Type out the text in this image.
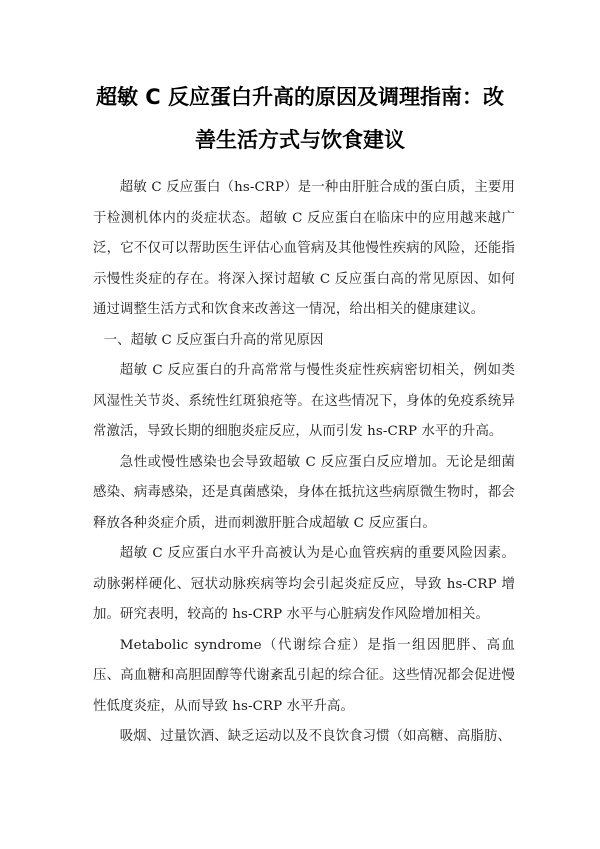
超敏 C 反应蛋白升高的原因及调理指南：改
善生活方式与饮食建议

超敏 C 反应蛋白（hs-CRP）是一种由肝脏合成的蛋白质，主要用于检测机体内的炎症状态。超敏 C 反应蛋白在临床中的应用越来越广泛，它不仅可以帮助医生评估心血管病及其他慢性疾病的风险，还能指示慢性炎症的存在。将深入探讨超敏 C 反应蛋白高的常见原因、如何通过调整生活方式和饮食来改善这一情况，给出相关的健康建议。

一、超敏 C 反应蛋白升高的常见原因

超敏 C 反应蛋白的升高常常与慢性炎症性疾病密切相关，例如类风湿性关节炎、系统性红斑狼疮等。在这些情况下，身体的免疫系统异常激活，导致长期的细胞炎症反应，从而引发 hs-CRP 水平的升高。

急性或慢性感染也会导致超敏 C 反应蛋白反应增加。无论是细菌感染、病毒感染，还是真菌感染，身体在抵抗这些病原微生物时，都会释放各种炎症介质，进而刺激肝脏合成超敏 C 反应蛋白。

超敏 C 反应蛋白水平升高被认为是心血管疾病的重要风险因素。动脉粥样硬化、冠状动脉疾病等均会引起炎症反应，导致 hs-CRP 增加。研究表明，较高的 hs-CRP 水平与心脏病发作风险增加相关。

Metabolic syndrome（代谢综合症）是指一组因肥胖、高血压、高血糖和高胆固醇等代谢紊乱引起的综合征。这些情况都会促进慢性低度炎症，从而导致 hs-CRP 水平升高。

吸烟、过量饮酒、缺乏运动以及不良饮食习惯（如高糖、高脂肪、
